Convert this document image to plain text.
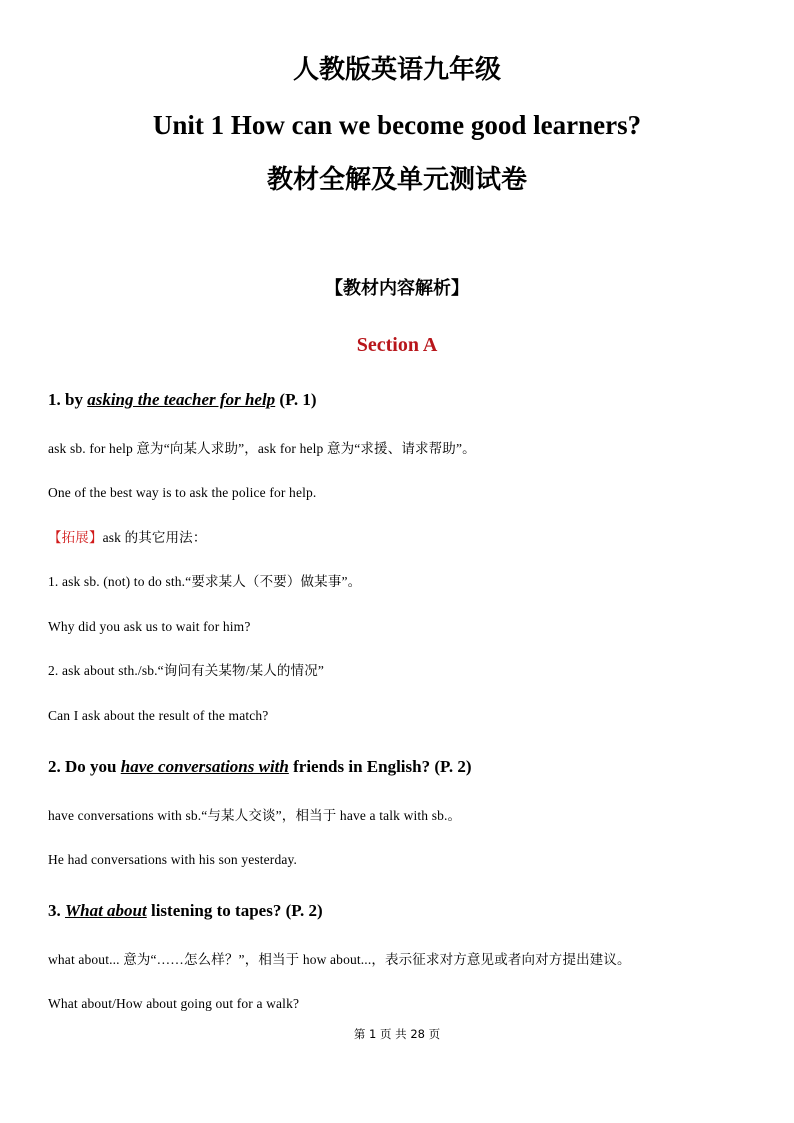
人教版英语九年级
Unit 1 How can we become good learners?
教材全解及单元测试卷
【教材内容解析】
Section A
1. by asking the teacher for help (P. 1)
ask sb. for help 意为“向某人求助”，ask for help 意为“求援、请求帮助”。
One of the best way is to ask the police for help.
【拓展】ask 的其它用法：
1. ask sb. (not) to do sth.“要求某人（不要）做某事”。
Why did you ask us to wait for him?
2. ask about sth./sb.“询问有关某物/某人的情况”
Can I ask about the result of the match?
2. Do you have conversations with friends in English? (P. 2)
have conversations with sb.“与某人交谈”，相当于 have a talk with sb.。
He had conversations with his son yesterday.
3. What about listening to tapes? (P. 2)
what about... 意为“……怎么样？”，相当于 how about...，表示征求对方意见或者向对方提出建议。
What about/How about going out for a walk?
第 1 页 共 28 页
